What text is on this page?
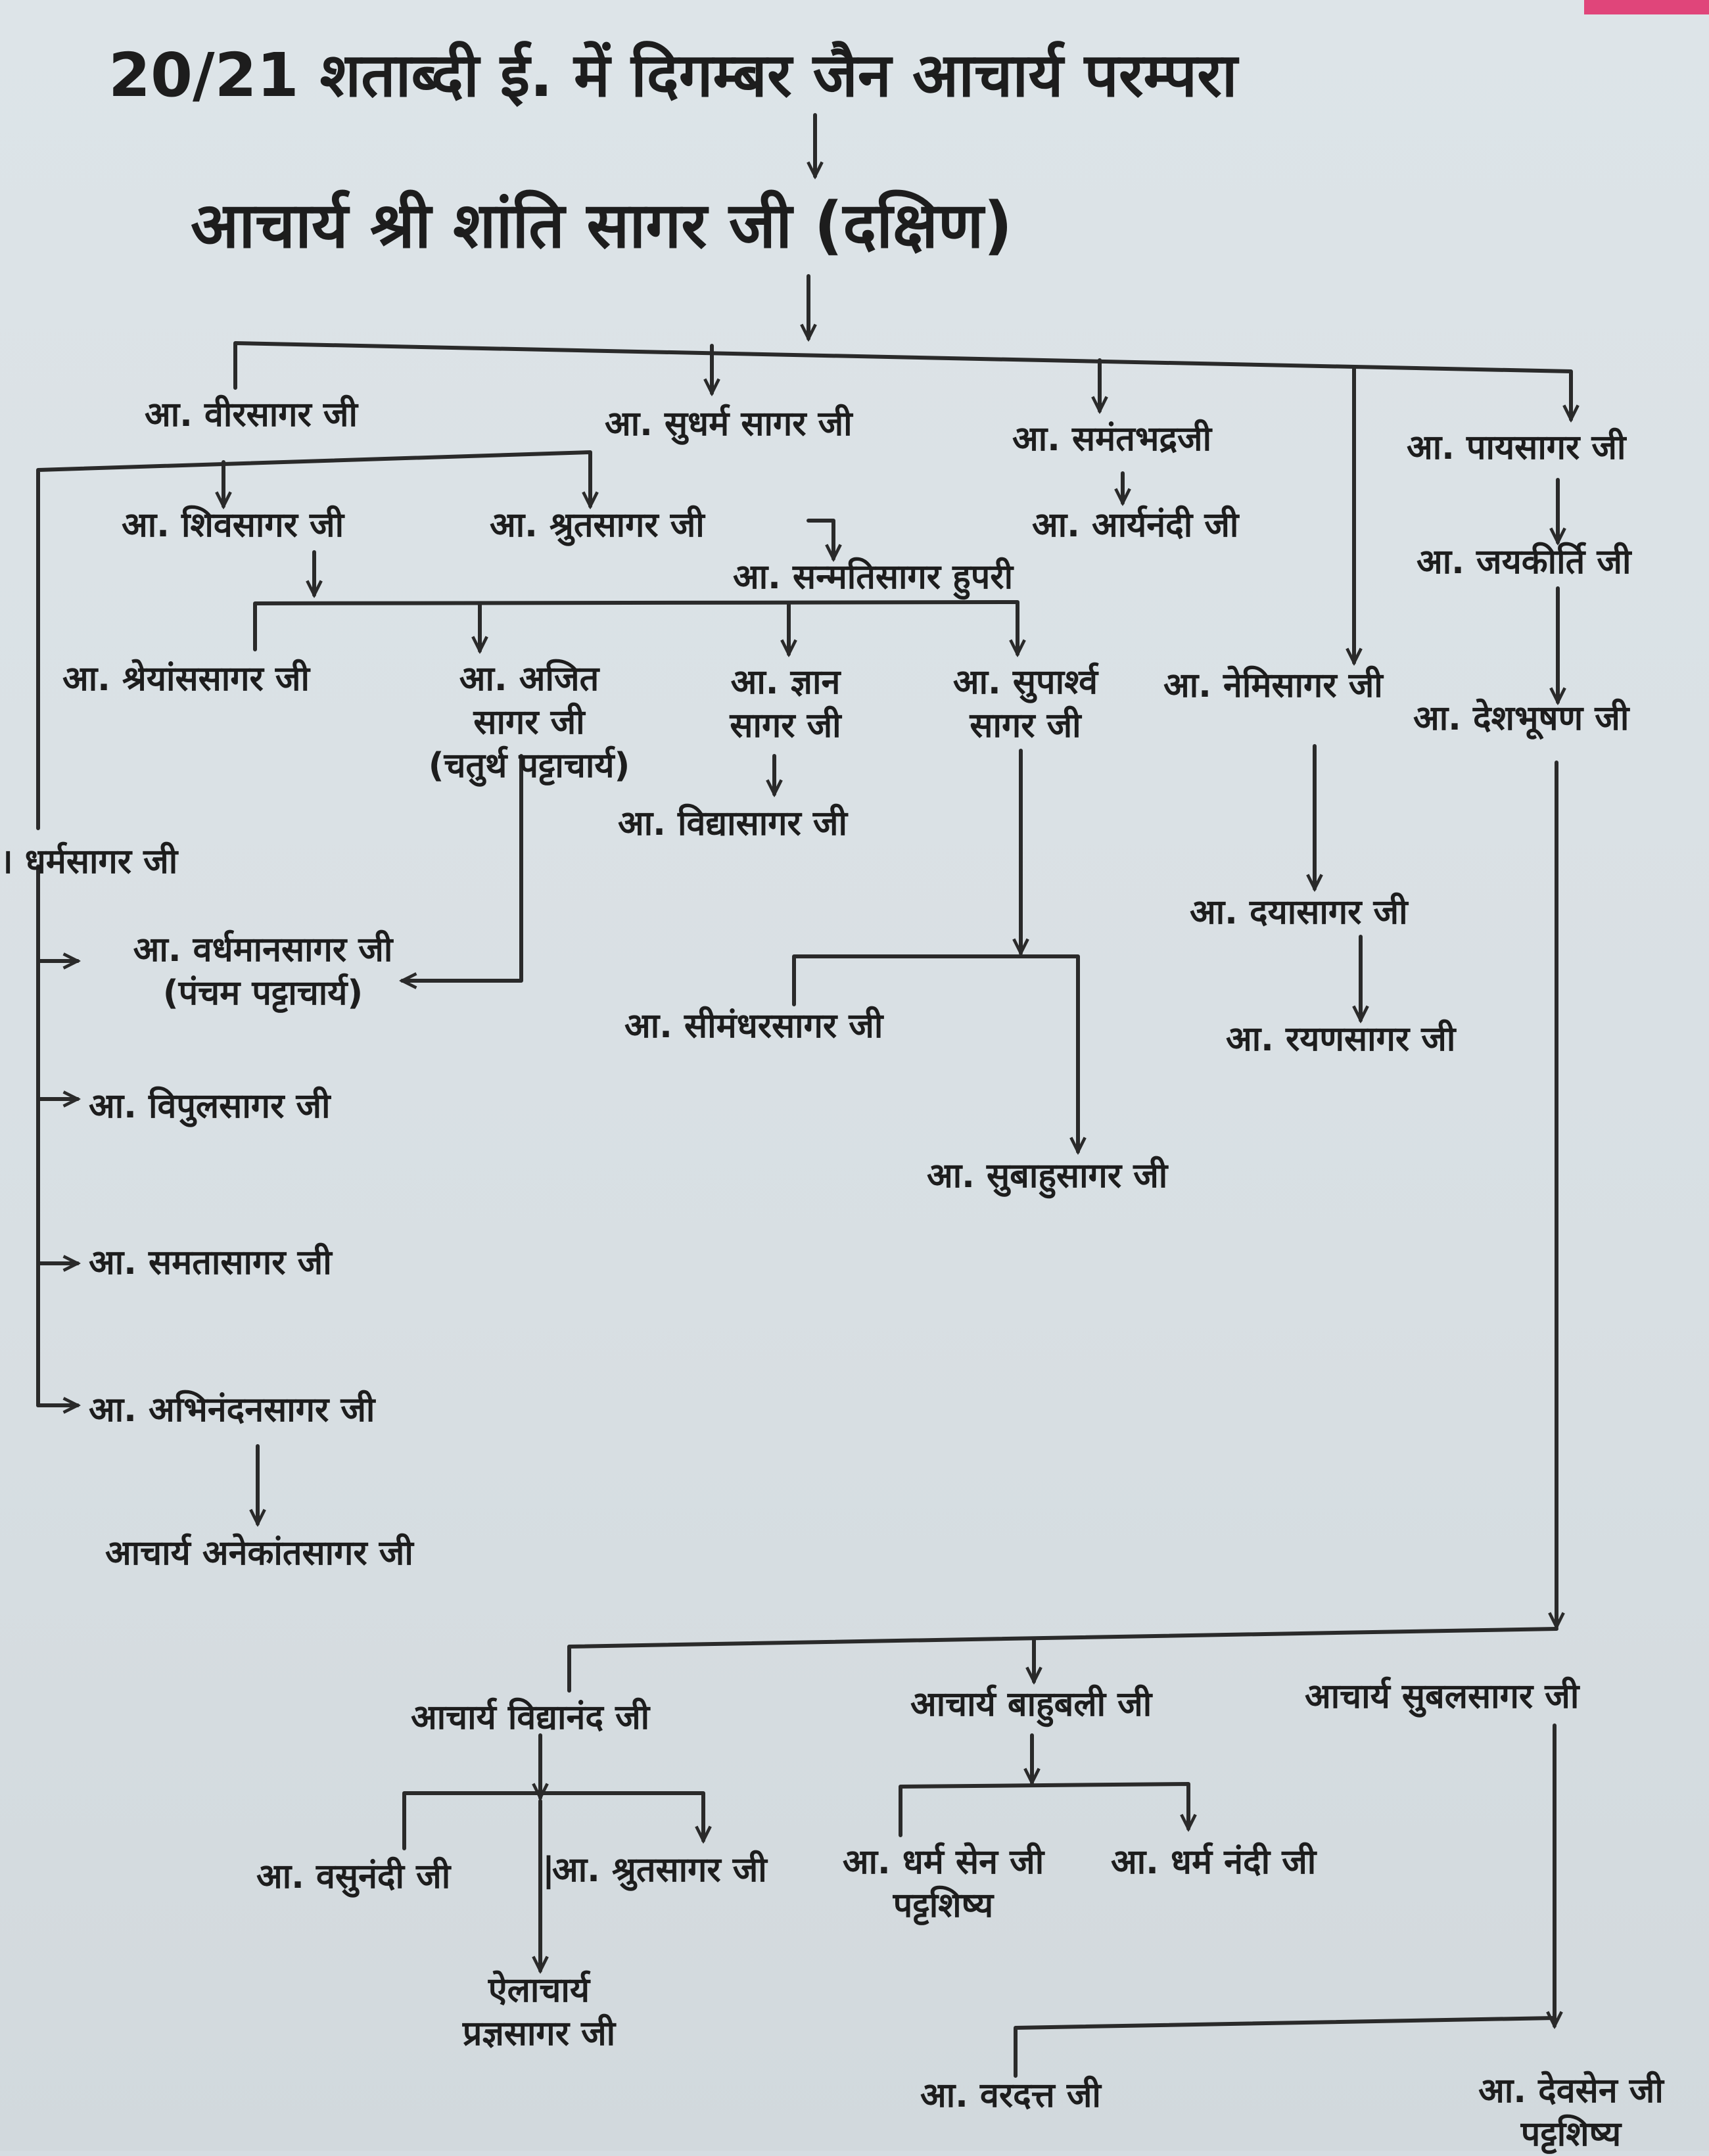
20/21 शताब्दी ई. में दिगम्बर जैन आचार्य परम्परा
आचार्य श्री शांति सागर जी (दक्षिण)
आ. वीरसागर जी	आ. सुधर्म सागर जी	आ. समंतभद्रजी	आ. पायसागर जी
आ. शिवसागर जी	आ. श्रुतसागर जी	आ. आर्यनंदी जी
आ. जयकीर्ति जी
आ. सन्मतिसागर हुपरी
आ. श्रेयांससागर जी	आ. अजित
सागर जी
(चतुर्थ पट्टाचार्य)
आ. ज्ञान
सागर जी
आ. सुपार्श्व
सागर जी
आ. नेमिसागर जी
आ. देशभूषण जी
आ. विद्यासागर जी
। धर्मसागर जी
आ. वर्धमानसागर जी
(पंचम पट्टाचार्य)
आ. दयासागर जी
आ. सीमंधरसागर जी	आ. रयणसागर जी
आ. विपुलसागर जी
आ. सुबाहुसागर जी
आ. समतासागर जी
आ. अभिनंदनसागर जी
आचार्य अनेकांतसागर जी
आचार्य विद्यानंद जी	आचार्य बाहुबली जी	आचार्य सुबलसागर जी
आ. वसुनंदी जी	|
आ. श्रुतसागर जी	आ. धर्म सेन जी
पट्टशिष्य
आ. धर्म नंदी जी
ऐलाचार्य
प्रज्ञसागर जी
आ. वरदत्त जी	आ. देवसेन जी
पट्टशिष्य
